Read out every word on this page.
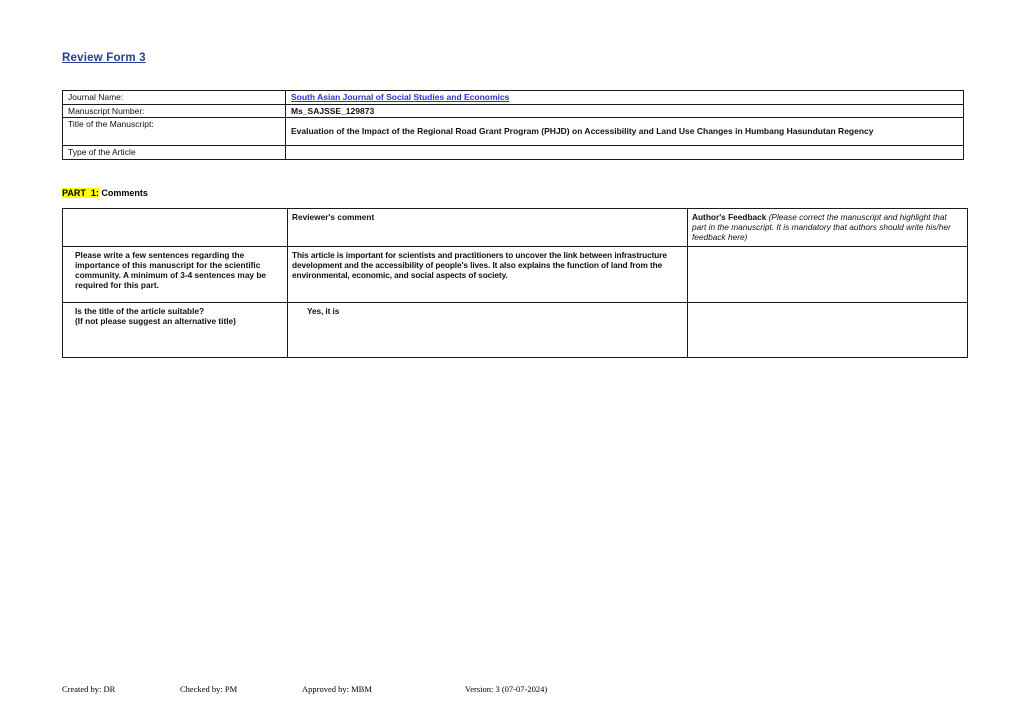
Review Form 3
Journal Name:	South Asian Journal of Social Studies and Economics
Manuscript Number:	Ms_SAJSSE_129873
Title of the Manuscript:	Evaluation of the Impact of the Regional Road Grant Program (PHJD) on Accessibility and Land Use Changes in Humbang Hasundutan Regency
Type of the Article	
PART  1: Comments
	Reviewer's comment	Author's Feedback (Please correct the manuscript and highlight that part in the manuscript. It is mandatory that authors should write his/her feedback here)
Please write a few sentences regarding the importance of this manuscript for the scientific community. A minimum of 3-4 sentences may be required for this part.	This article is important for scientists and practitioners to uncover the link between infrastructure development and the accessibility of people's lives. It also explains the function of land from the environmental, economic, and social aspects of society.	

Is the title of the article suitable?
(If not please suggest an alternative title)	Yes, it is	
Created by: DR	Checked by: PM	Approved by: MBM	Version: 3 (07-07-2024)
